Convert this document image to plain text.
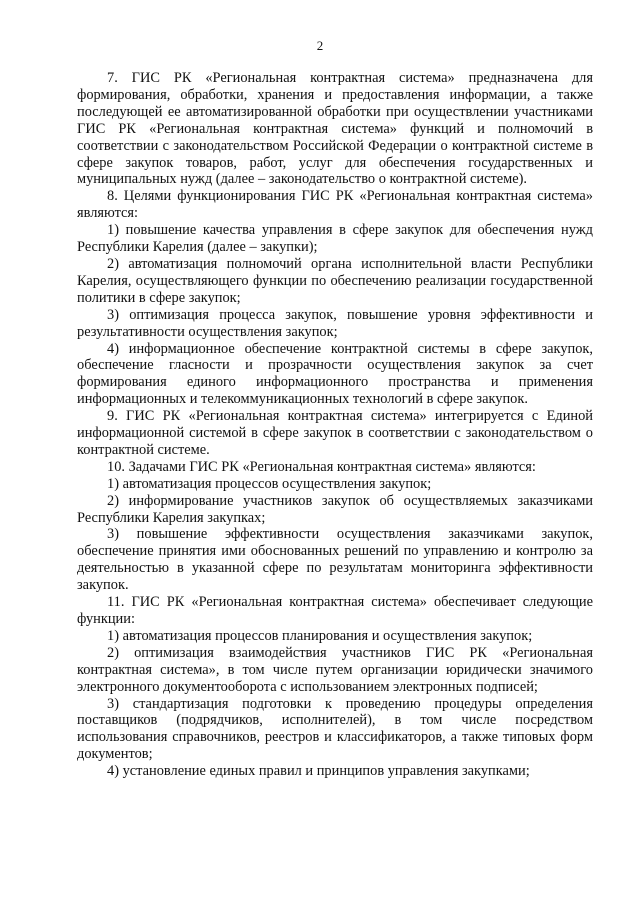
2

7. ГИС РК «Региональная контрактная система» предназначена для формирования, обработки, хранения и предоставления информации, а также последующей ее автоматизированной обработки при осуществлении участниками ГИС РК «Региональная контрактная система» функций и полномочий в соответствии с законодательством Российской Федерации о контрактной системе в сфере закупок товаров, работ, услуг для обеспечения государственных и муниципальных нужд (далее – законодательство о контрактной системе).

8. Целями функционирования ГИС РК «Региональная контрактная система» являются:

1) повышение качества управления в сфере закупок для обеспечения нужд Республики Карелия (далее – закупки);

2) автоматизация полномочий органа исполнительной власти Республики Карелия, осуществляющего функции по обеспечению реализации государственной политики в сфере закупок;

3) оптимизация процесса закупок, повышение уровня эффективности и результативности осуществления закупок;

4) информационное обеспечение контрактной системы в сфере закупок, обеспечение гласности и прозрачности осуществления закупок за счет формирования единого информационного пространства и применения информационных и телекоммуникационных технологий в сфере закупок.

9. ГИС РК «Региональная контрактная система» интегрируется с Единой информационной системой в сфере закупок в соответствии с законодательством о контрактной системе.

10. Задачами ГИС РК «Региональная контрактная система» являются:

1) автоматизация процессов осуществления закупок;

2) информирование участников закупок об осуществляемых заказчиками Республики Карелия закупках;

3) повышение эффективности осуществления заказчиками закупок, обеспечение принятия ими обоснованных решений по управлению и контролю за деятельностью в указанной сфере по результатам мониторинга эффективности закупок.

11. ГИС РК «Региональная контрактная система» обеспечивает следующие функции:

1) автоматизация процессов планирования и осуществления закупок;

2) оптимизация взаимодействия участников ГИС РК «Региональная контрактная система», в том числе путем организации юридически значимого электронного документооборота с использованием электронных подписей;

3) стандартизация подготовки к проведению процедуры определения поставщиков (подрядчиков, исполнителей), в том числе посредством использования справочников, реестров и классификаторов, а также типовых форм документов;

4) установление единых правил и принципов управления закупками;
